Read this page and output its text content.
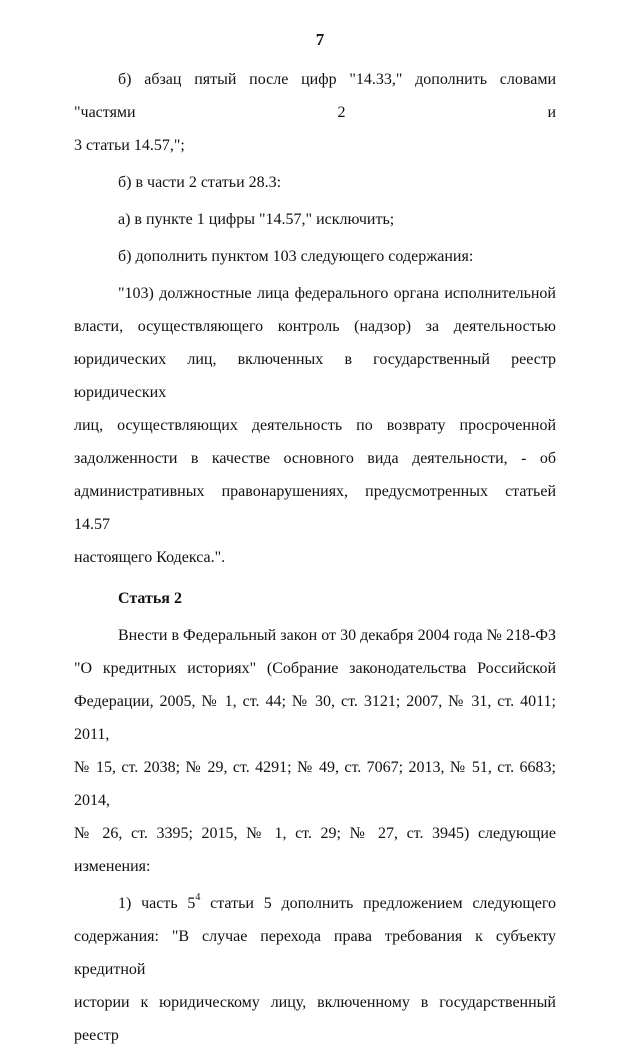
7

б) абзац пятый после цифр "14.33," дополнить словами "частями 2 и

3 статьи 14.57,";

б) в части 2 статьи 28.3:

а) в пункте 1 цифры "14.57," исключить;

б) дополнить пунктом 103 следующего содержания:

"103) должностные лица федерального органа исполнительной

власти, осуществляющего контроль (надзор) за деятельностью
юридических лиц, включенных в государственный реестр юридических
лиц, осуществляющих деятельность по возврату просроченной
задолженности в качестве основного вида деятельности, - об
административных правонарушениях, предусмотренных статьей 14.57
настоящего Кодекса.".

Статья 2

Внести в Федеральный закон от 30 декабря 2004 года № 218-ФЗ

"О кредитных историях" (Собрание законодательства Российской
Федерации, 2005, № 1, ст. 44; № 30, ст. 3121; 2007, № 31, ст. 4011; 2011,
№ 15, ст. 2038; № 29, ст. 4291; № 49, ст. 7067; 2013, № 51, ст. 6683; 2014,
№ 26, ст. 3395; 2015, № 1, ст. 29; № 27, ст. 3945) следующие изменения:

1) часть $5^4$ статьи 5 дополнить предложением следующего

содержания: "В случае перехода права требования к субъекту кредитной
истории к юридическому лицу, включенному в государственный реестр
